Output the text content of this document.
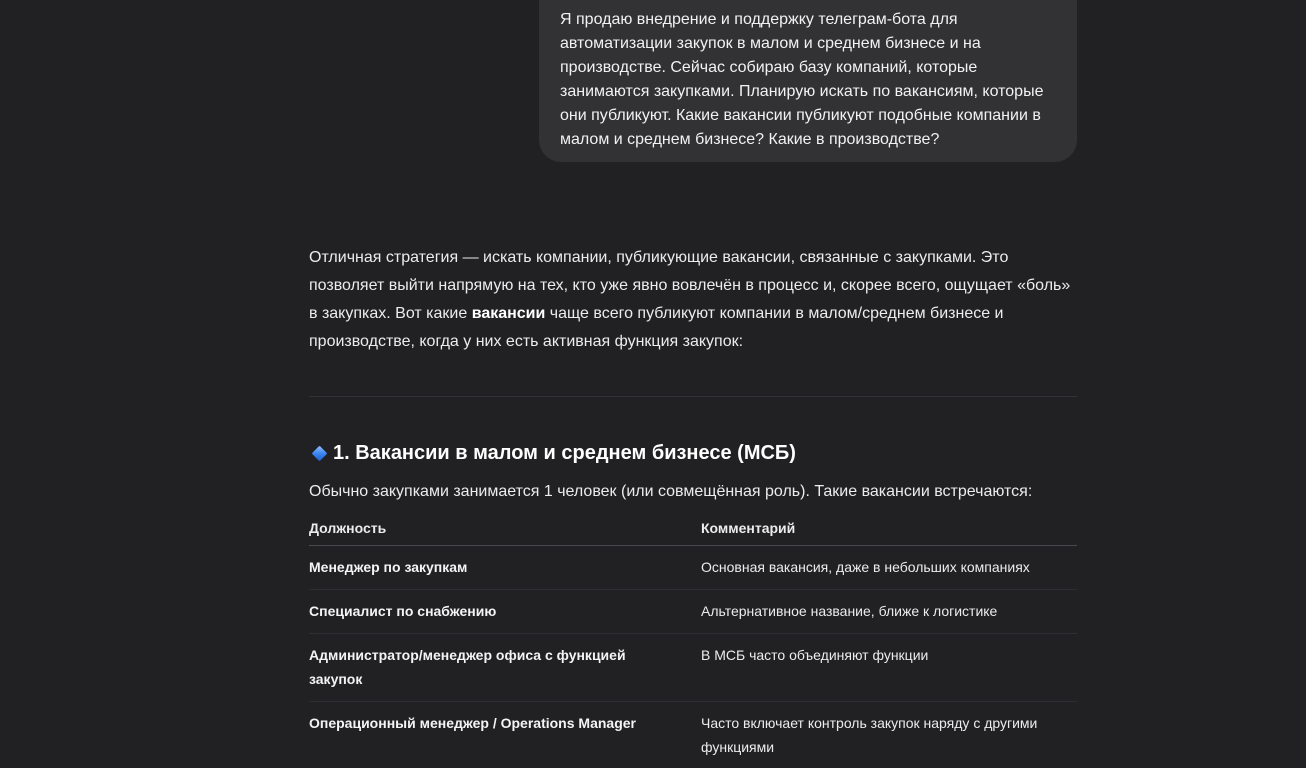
Я продаю внедрение и поддержку телеграм-бота для автоматизации закупок в малом и среднем бизнесе и на производстве. Сейчас собираю базу компаний, которые занимаются закупками. Планирую искать по вакансиям, которые они публикуют. Какие вакансии публикуют подобные компании в малом и среднем бизнесе? Какие в производстве?

Отличная стратегия — искать компании, публикующие вакансии, связанные с закупками. Это позволяет выйти напрямую на тех, кто уже явно вовлечён в процесс и, скорее всего, ощущает «боль» в закупках. Вот какие вакансии чаще всего публикуют компании в малом/среднем бизнесе и производстве, когда у них есть активная функция закупок:

1. Вакансии в малом и среднем бизнесе (МСБ)

Обычно закупками занимается 1 человек (или совмещённая роль). Такие вакансии встречаются:

Должность	Комментарий
Менеджер по закупкам	Основная вакансия, даже в небольших компаниях
Специалист по снабжению	Альтернативное название, ближе к логистике
Администратор/менеджер офиса с функцией закупок	В МСБ часто объединяют функции
Операционный менеджер / Operations Manager	Часто включает контроль закупок наряду с другими функциями
